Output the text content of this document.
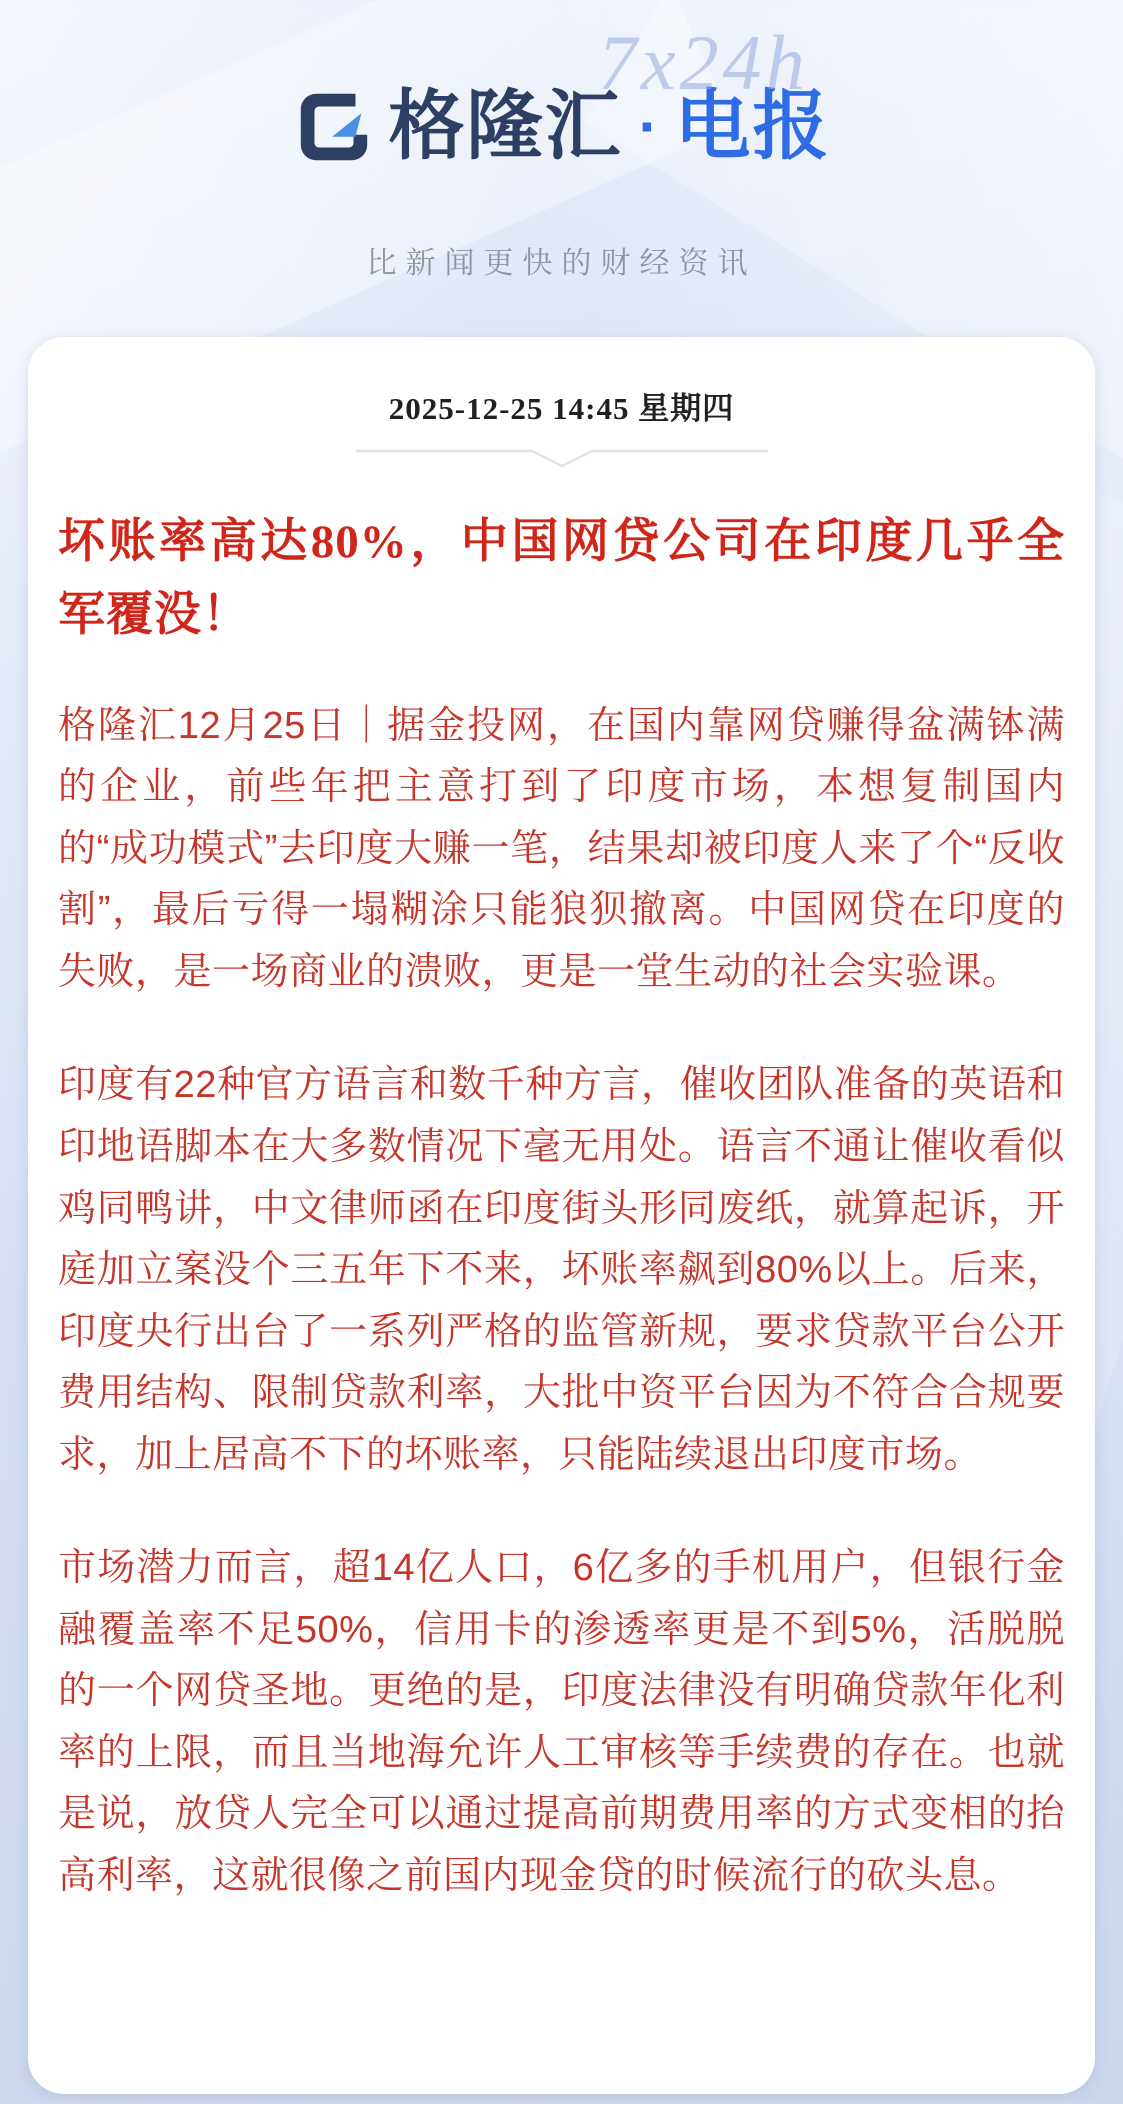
7x24h
格隆汇 · 电报
比新闻更快的财经资讯
2025-12-25 14:45 星期四
坏账率高达80%，中国网贷公司在印度几乎全军覆没！

格隆汇12月25日｜据金投网，在国内靠网贷赚得盆满钵满的企业，前些年把主意打到了印度市场，本想复制国内的“成功模式”去印度大赚一笔，结果却被印度人来了个“反收割”，最后亏得一塌糊涂只能狼狈撤离。中国网贷在印度的失败，是一场商业的溃败，更是一堂生动的社会实验课。

印度有22种官方语言和数千种方言，催收团队准备的英语和印地语脚本在大多数情况下毫无用处。语言不通让催收看似鸡同鸭讲，中文律师函在印度街头形同废纸，就算起诉，开庭加立案没个三五年下不来，坏账率飙到80%以上。后来，印度央行出台了一系列严格的监管新规，要求贷款平台公开费用结构、限制贷款利率，大批中资平台因为不符合合规要求，加上居高不下的坏账率，只能陆续退出印度市场。

市场潜力而言，超14亿人口，6亿多的手机用户，但银行金融覆盖率不足50%，信用卡的渗透率更是不到5%，活脱脱的一个网贷圣地。更绝的是，印度法律没有明确贷款年化利率的上限，而且当地海允许人工审核等手续费的存在。也就是说，放贷人完全可以通过提高前期费用率的方式变相的抬高利率，这就很像之前国内现金贷的时候流行的砍头息。
